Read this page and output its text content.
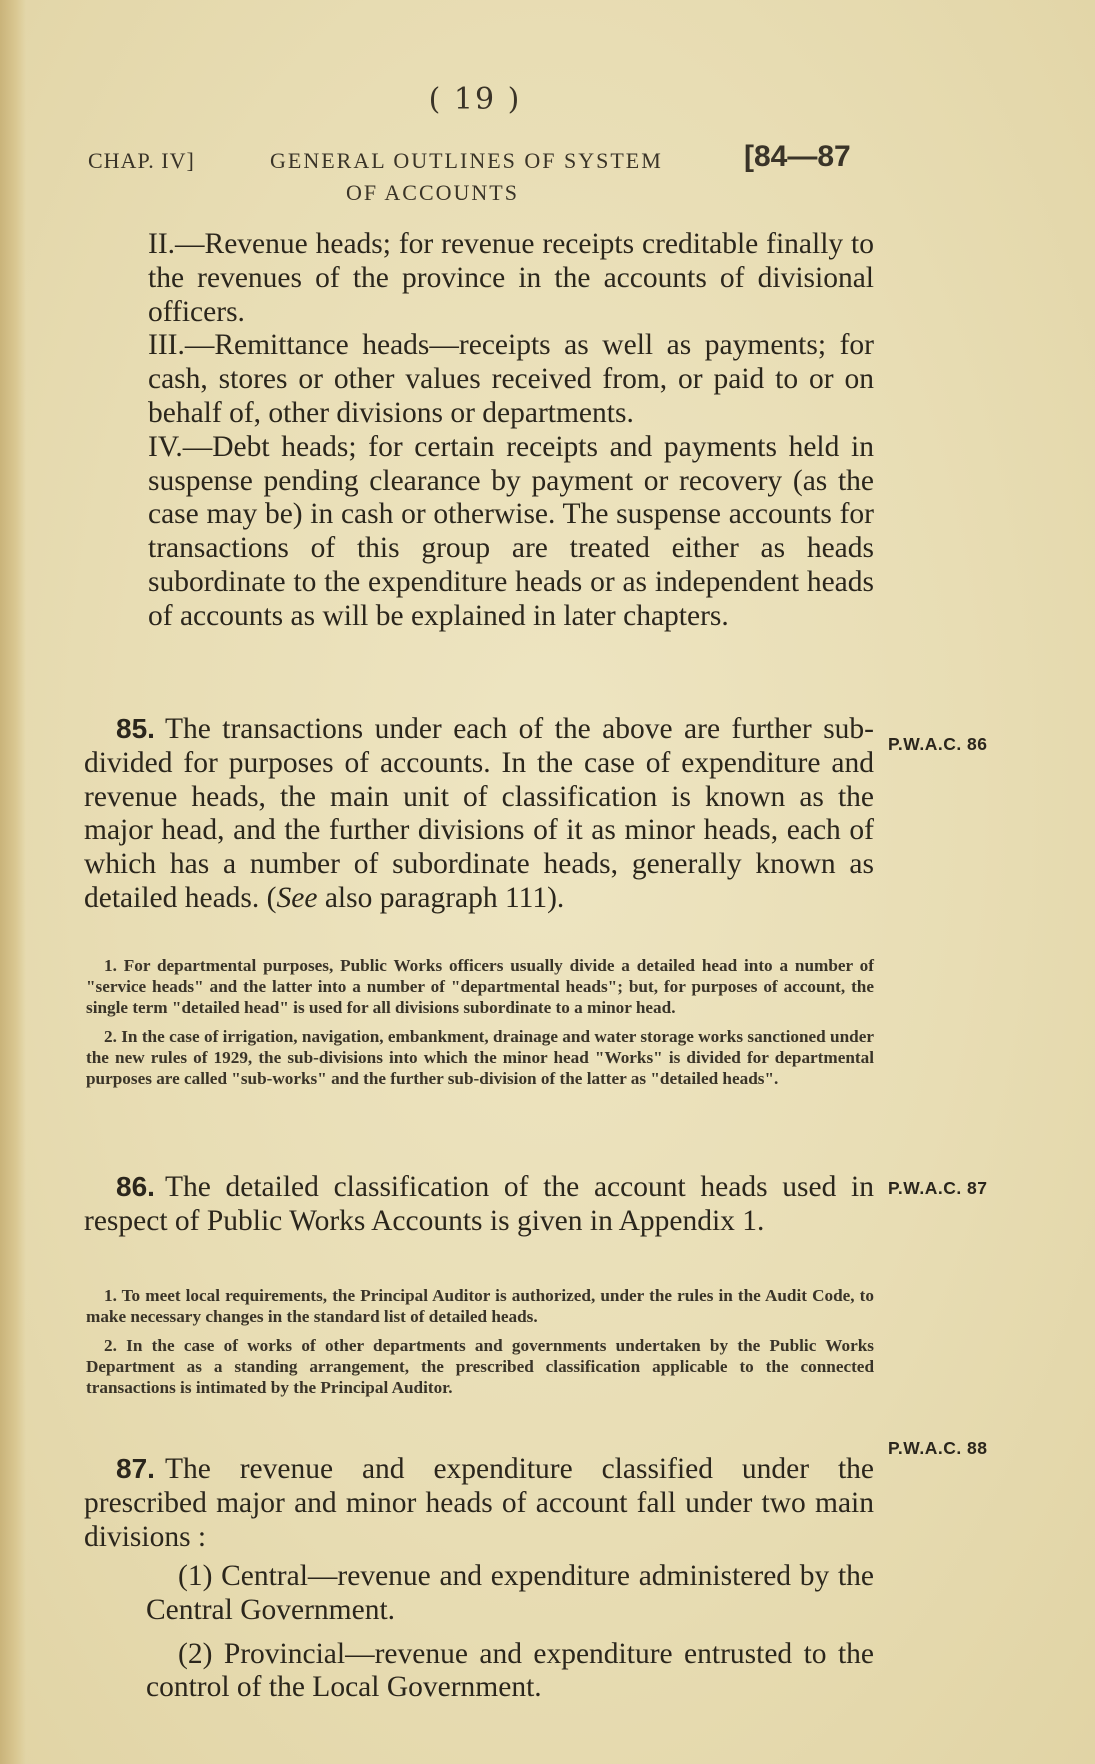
( 19 )
CHAP. IV]	GENERAL OUTLINES OF SYSTEM
OF ACCOUNTS
[84—87
II.—Revenue heads; for revenue receipts creditable finally to the revenues of the province in the accounts of divisional officers.
III.—Remittance heads—receipts as well as payments; for cash, stores or other values received from, or paid to or on behalf of, other divisions or departments.
IV.—Debt heads; for certain receipts and payments held in suspense pending clearance by payment or recovery (as the case may be) in cash or otherwise. The suspense accounts for transactions of this group are treated either as heads subordinate to the expenditure heads or as independent heads of accounts as will be explained in later chapters.
P.W.A.C. 86
85. The transactions under each of the above are further sub-divided for purposes of accounts. In the case of expenditure and revenue heads, the main unit of classification is known as the major head, and the further divisions of it as minor heads, each of which has a number of subordinate heads, generally known as detailed heads. (See also paragraph 111).
1. For departmental purposes, Public Works officers usually divide a detailed head into a number of "service heads" and the latter into a number of "departmental heads"; but, for purposes of account, the single term "detailed head" is used for all divisions subordinate to a minor head.
2. In the case of irrigation, navigation, embankment, drainage and water storage works sanctioned under the new rules of 1929, the sub-divisions into which the minor head "Works" is divided for departmental purposes are called "sub-works" and the further sub-division of the latter as "detailed heads".
P.W.A.C. 87
86. The detailed classification of the account heads used in respect of Public Works Accounts is given in Appendix 1.
1. To meet local requirements, the Principal Auditor is authorized, under the rules in the Audit Code, to make necessary changes in the standard list of detailed heads.
2. In the case of works of other departments and governments undertaken by the Public Works Department as a standing arrangement, the prescribed classification applicable to the connected transactions is intimated by the Principal Auditor.
P.W.A.C. 88
87. The revenue and expenditure classified under the prescribed major and minor heads of account fall under two main divisions :
(1) Central—revenue and expenditure administered by the Central Government.
(2) Provincial—revenue and expenditure entrusted to the control of the Local Government.
